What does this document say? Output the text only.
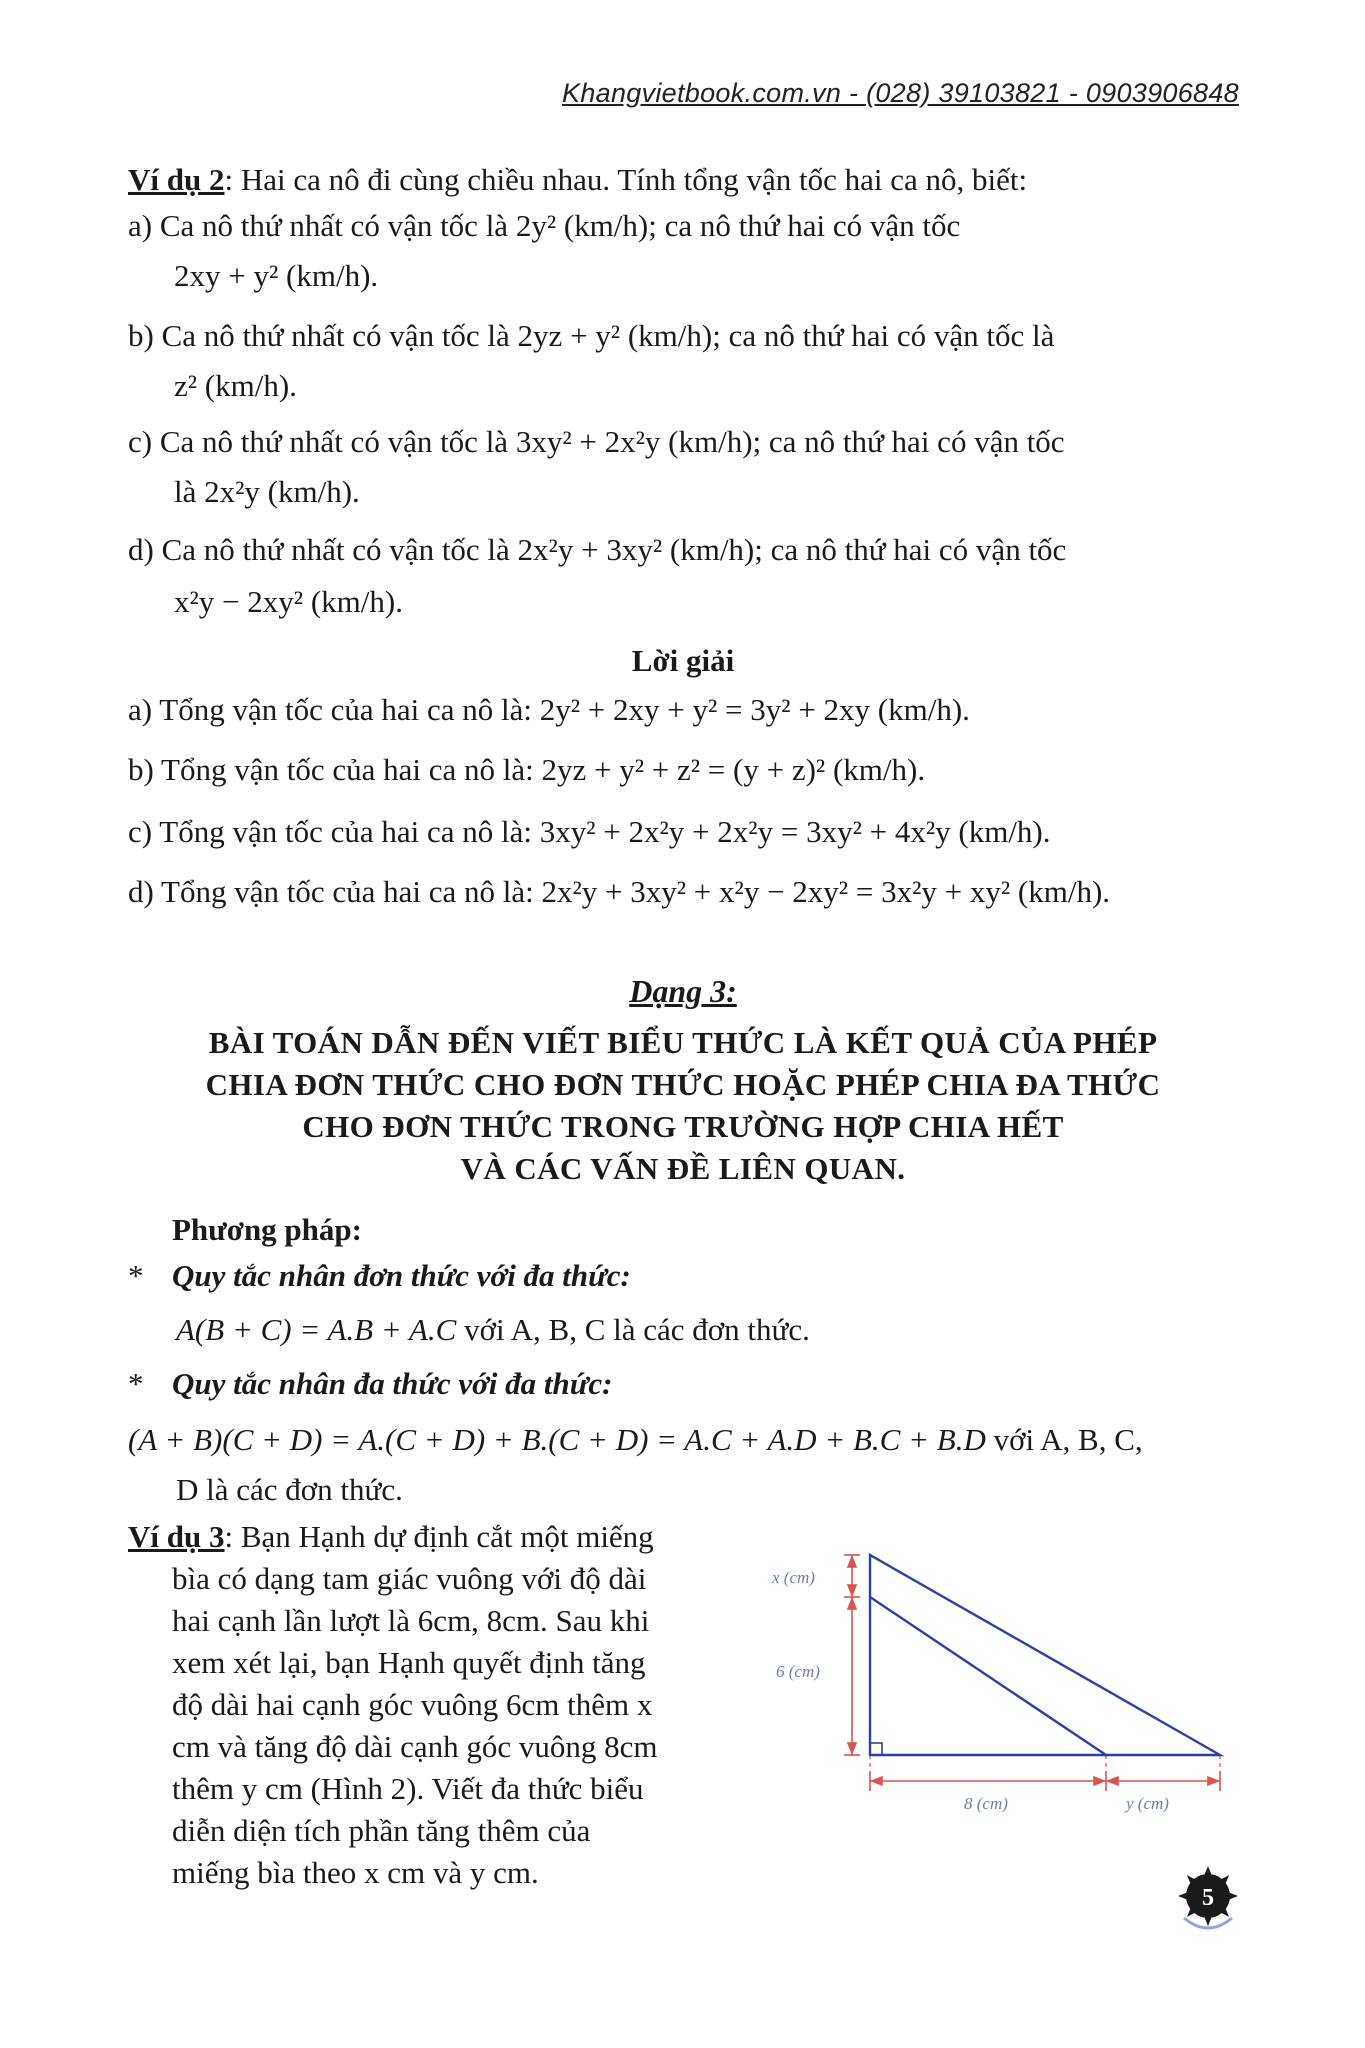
Khangvietbook.com.vn - (028) 39103821 - 0903906848
Ví dụ 2: Hai ca nô đi cùng chiều nhau. Tính tổng vận tốc hai ca nô, biết:
a) Ca nô thứ nhất có vận tốc là 2y² (km/h); ca nô thứ hai có vận tốc
2xy + y² (km/h).
b) Ca nô thứ nhất có vận tốc là 2yz + y² (km/h); ca nô thứ hai có vận tốc là
z² (km/h).
c) Ca nô thứ nhất có vận tốc là 3xy² + 2x²y (km/h); ca nô thứ hai có vận tốc
là 2x²y (km/h).
d) Ca nô thứ nhất có vận tốc là 2x²y + 3xy² (km/h); ca nô thứ hai có vận tốc
x²y − 2xy² (km/h).
Lời giải
a) Tổng vận tốc của hai ca nô là: 2y² + 2xy + y² = 3y² + 2xy (km/h).
b) Tổng vận tốc của hai ca nô là: 2yz + y² + z² = (y + z)² (km/h).
c) Tổng vận tốc của hai ca nô là: 3xy² + 2x²y + 2x²y = 3xy² + 4x²y (km/h).
d) Tổng vận tốc của hai ca nô là: 2x²y + 3xy² + x²y − 2xy² = 3x²y + xy² (km/h).
Dạng 3:
BÀI TOÁN DẪN ĐẾN VIẾT BIỂU THỨC LÀ KẾT QUẢ CỦA PHÉP
CHIA ĐƠN THỨC CHO ĐƠN THỨC HOẶC PHÉP CHIA ĐA THỨC
CHO ĐƠN THỨC TRONG TRƯỜNG HỢP CHIA HẾT
VÀ CÁC VẤN ĐỀ LIÊN QUAN.
Phương pháp:
* Quy tắc nhân đơn thức với đa thức:
A(B + C) = A.B + A.C với A, B, C là các đơn thức.
* Quy tắc nhân đa thức với đa thức:
(A + B)(C + D) = A.(C + D) + B.(C + D) = A.C + A.D + B.C + B.D với A, B, C,
D là các đơn thức.
Ví dụ 3: Bạn Hạnh dự định cắt một miếng
bìa có dạng tam giác vuông với độ dài
hai cạnh lần lượt là 6cm, 8cm. Sau khi
xem xét lại, bạn Hạnh quyết định tăng
độ dài hai cạnh góc vuông 6cm thêm x
cm và tăng độ dài cạnh góc vuông 8cm
thêm y cm (Hình 2). Viết đa thức biểu
diễn diện tích phần tăng thêm của
miếng bìa theo x cm và y cm.
x (cm)
6 (cm)
8 (cm)	y (cm)
5
